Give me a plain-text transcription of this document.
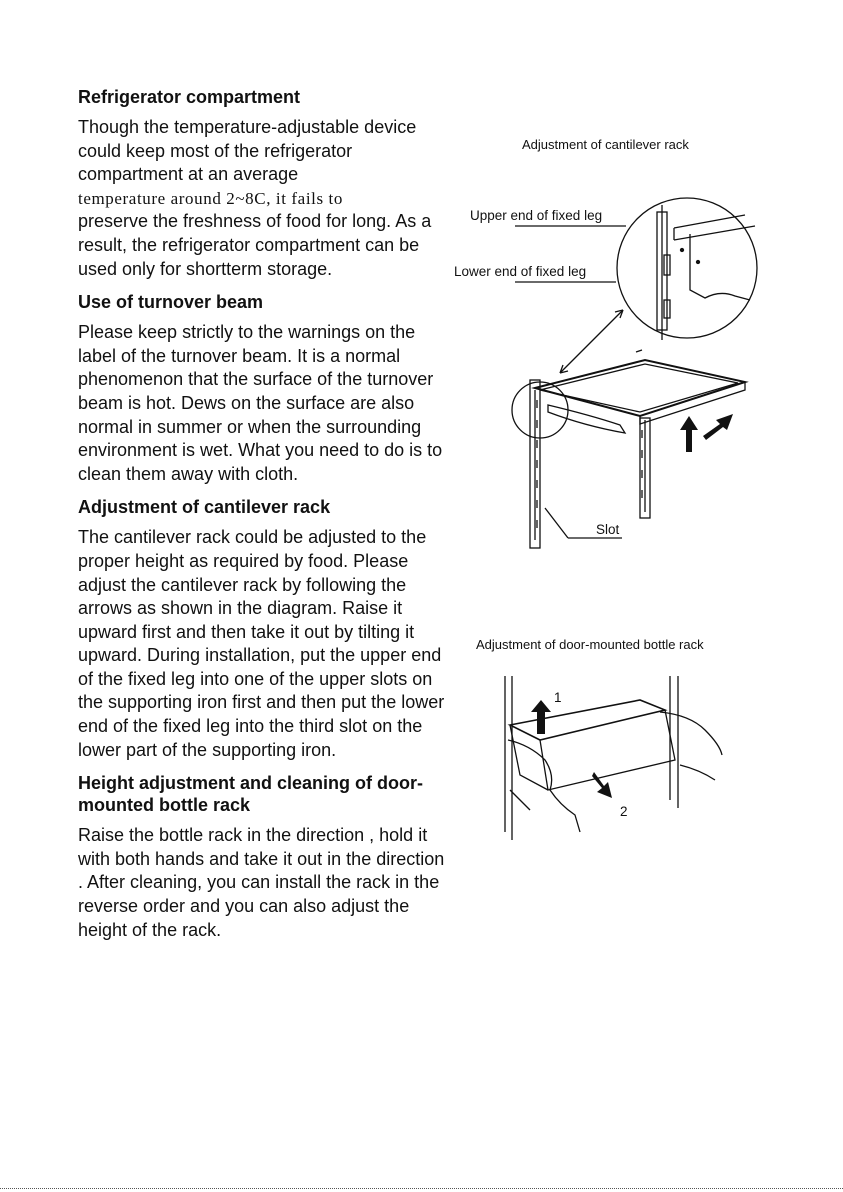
Refrigerator compartment

Though the temperature-adjustable device could keep most of the refrigerator compartment at an average
temperature around 2~8C, it fails to
preserve the freshness of food for long. As a result, the refrigerator compartment can be used only for shortterm storage.

Use of turnover beam

Please keep strictly to the warnings on the label of the turnover beam. It is a normal phenomenon that the surface of the turnover beam is hot. Dews on the surface are also normal in summer or when the surrounding environment is wet. What you need to do is to clean them away with cloth.

Adjustment of cantilever rack

The cantilever rack could be adjusted to the proper height as required by food. Please adjust the cantilever rack by following the arrows as shown in the diagram. Raise it upward first and then take it out by tilting it upward. During installation, put the upper end of the fixed leg into one of the upper slots on the supporting iron first and then put the lower end of the fixed leg into the third slot on the lower part of the supporting iron.

Height adjustment and cleaning of door-mounted bottle rack

Raise the bottle rack in the direction , hold it with both hands and take it out in the direction . After cleaning, you can install the rack in the reverse order and you can also adjust the height of the rack.

Adjustment of cantilever rack
Upper end of fixed leg
Lower end of fixed leg
Slot
Adjustment of door-mounted bottle rack
1
2
